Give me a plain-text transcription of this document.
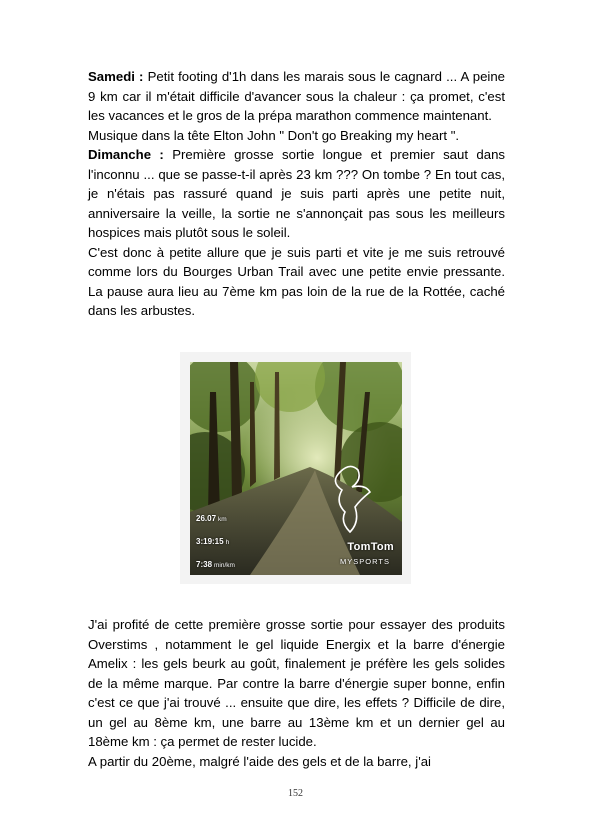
Samedi : Petit footing d'1h dans les marais sous le cagnard ... A peine 9 km car il m'était difficile d'avancer sous la chaleur : ça promet, c'est les vacances et le gros de la prépa marathon commence maintenant.
Musique dans la tête Elton John " Don't go Breaking my heart ".
Dimanche : Première grosse sortie longue et premier saut dans l'inconnu ... que se passe-t-il après 23 km ??? On tombe ? En tout cas, je n'étais pas rassuré quand je suis parti après une petite nuit, anniversaire la veille, la sortie ne s'annonçait pas sous les meilleurs hospices mais plutôt sous le soleil.
C'est donc à petite allure que je suis parti et vite je me suis retrouvé comme lors du Bourges Urban Trail avec une petite envie pressante. La pause aura lieu au 7ème km pas loin de la rue de la Rottée, caché dans les arbustes.
26.07 km
3:19:15 h
7:38 min/km
TomTom
MYSPORTS
J'ai profité de cette première grosse sortie pour essayer des produits Overstims , notamment le gel liquide Energix et la barre d'énergie Amelix : les gels beurk au goût, finalement je préfère les gels solides de la même marque. Par contre la barre d'énergie super bonne, enfin c'est ce que j'ai trouvé ... ensuite que dire, les effets ? Difficile de dire, un gel au 8ème km, une barre au 13ème km et un dernier gel au 18ème km : ça permet de rester lucide.
A partir du 20ème, malgré l'aide des gels et de la barre, j'ai
152
